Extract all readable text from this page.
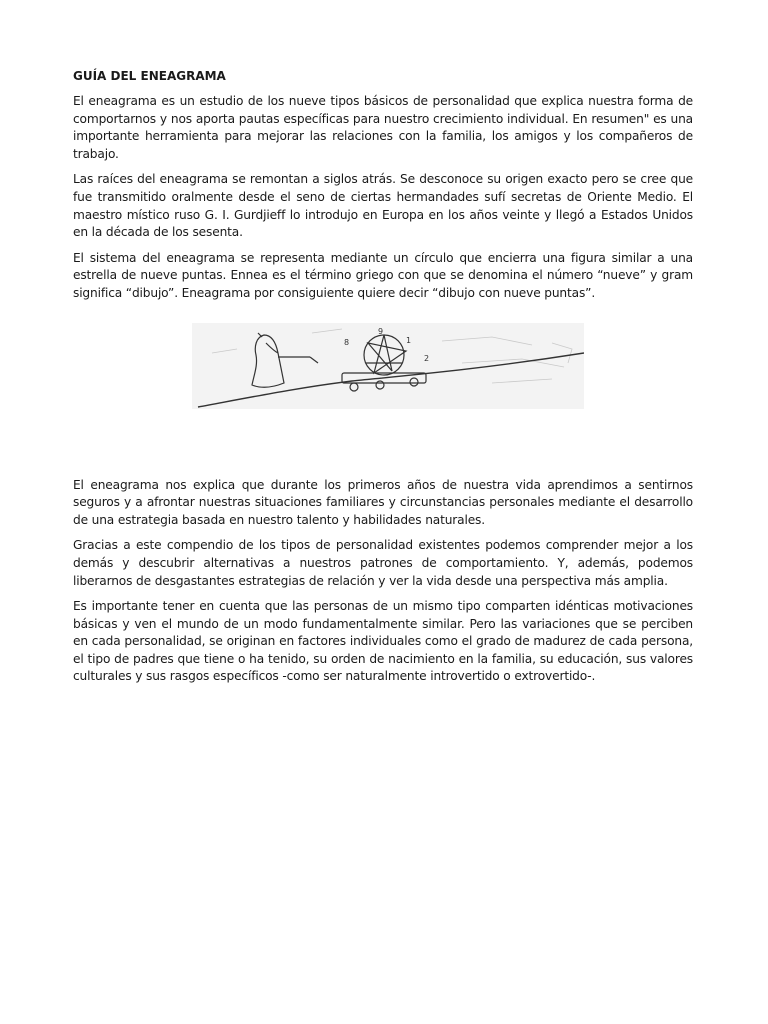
GUÍA DEL ENEAGRAMA

El eneagrama es un estudio de los nueve tipos básicos de personalidad que explica nuestra forma de comportarnos y nos aporta pautas específicas para nuestro crecimiento individual. En resumen" es una importante herramienta para mejorar las relaciones con la familia, los amigos y los compañeros de trabajo.

Las raíces del eneagrama se remontan a siglos atrás. Se desconoce su origen exacto pero se cree que fue transmitido oralmente desde el seno de ciertas hermandades sufí secretas de Oriente Medio. El maestro místico ruso G. I. Gurdjieff lo introdujo en Europa en los años veinte y llegó a Estados Unidos en la década de los sesenta.

El sistema del eneagrama se representa mediante un círculo que encierra una figura similar a una estrella de nueve puntas. Ennea es el término griego con que se denomina el número “nueve” y gram significa “dibujo”. Eneagrama por consiguiente quiere decir “dibujo con nueve puntas”.

9
8	1
2

El eneagrama nos explica que durante los primeros años de nuestra vida aprendimos a sentirnos seguros y a afrontar nuestras situaciones familiares y circunstancias personales mediante el desarrollo de una estrategia basada en nuestro talento y habilidades naturales.

Gracias a este compendio de los tipos de personalidad existentes podemos comprender mejor a los demás y descubrir alternativas a nuestros patrones de comportamiento. Y, además, podemos liberarnos de desgastantes estrategias de relación y ver la vida desde una perspectiva más amplia.

Es importante tener en cuenta que las personas de un mismo tipo comparten idénticas motivaciones básicas y ven el mundo de un modo fundamentalmente similar. Pero las variaciones que se perciben en cada personalidad, se originan en factores individuales como el grado de madurez de cada persona, el tipo de padres que tiene o ha tenido, su orden de nacimiento en la familia, su educación, sus valores culturales y sus rasgos específicos -como ser naturalmente introvertido o extrovertido-.
